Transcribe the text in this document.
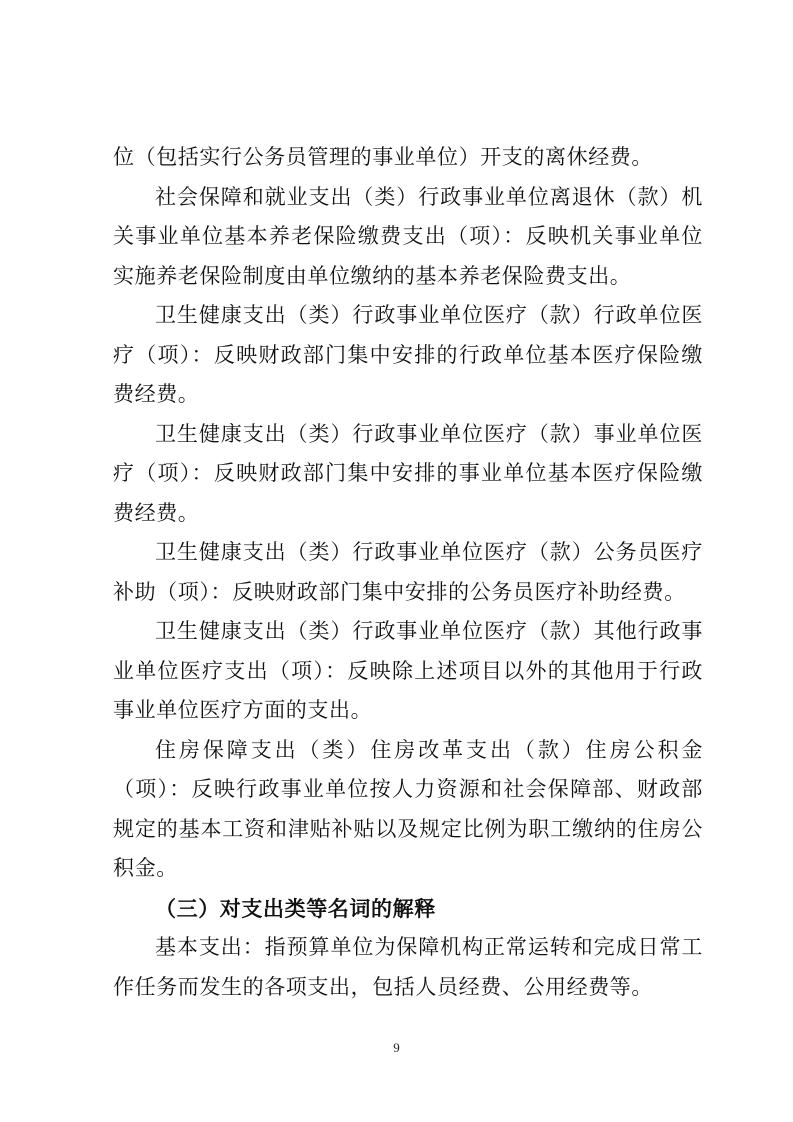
位（包括实行公务员管理的事业单位）开支的离休经费。

社会保障和就业支出（类）行政事业单位离退休（款）机关事业单位基本养老保险缴费支出（项）：反映机关事业单位实施养老保险制度由单位缴纳的基本养老保险费支出。

卫生健康支出（类）行政事业单位医疗（款）行政单位医疗（项）：反映财政部门集中安排的行政单位基本医疗保险缴费经费。

卫生健康支出（类）行政事业单位医疗（款）事业单位医疗（项）：反映财政部门集中安排的事业单位基本医疗保险缴费经费。

卫生健康支出（类）行政事业单位医疗（款）公务员医疗补助（项）：反映财政部门集中安排的公务员医疗补助经费。

卫生健康支出（类）行政事业单位医疗（款）其他行政事业单位医疗支出（项）：反映除上述项目以外的其他用于行政事业单位医疗方面的支出。

住房保障支出（类）住房改革支出（款）住房公积金（项）：反映行政事业单位按人力资源和社会保障部、财政部规定的基本工资和津贴补贴以及规定比例为职工缴纳的住房公积金。

（三）对支出类等名词的解释

基本支出：指预算单位为保障机构正常运转和完成日常工作任务而发生的各项支出，包括人员经费、公用经费等。

9
